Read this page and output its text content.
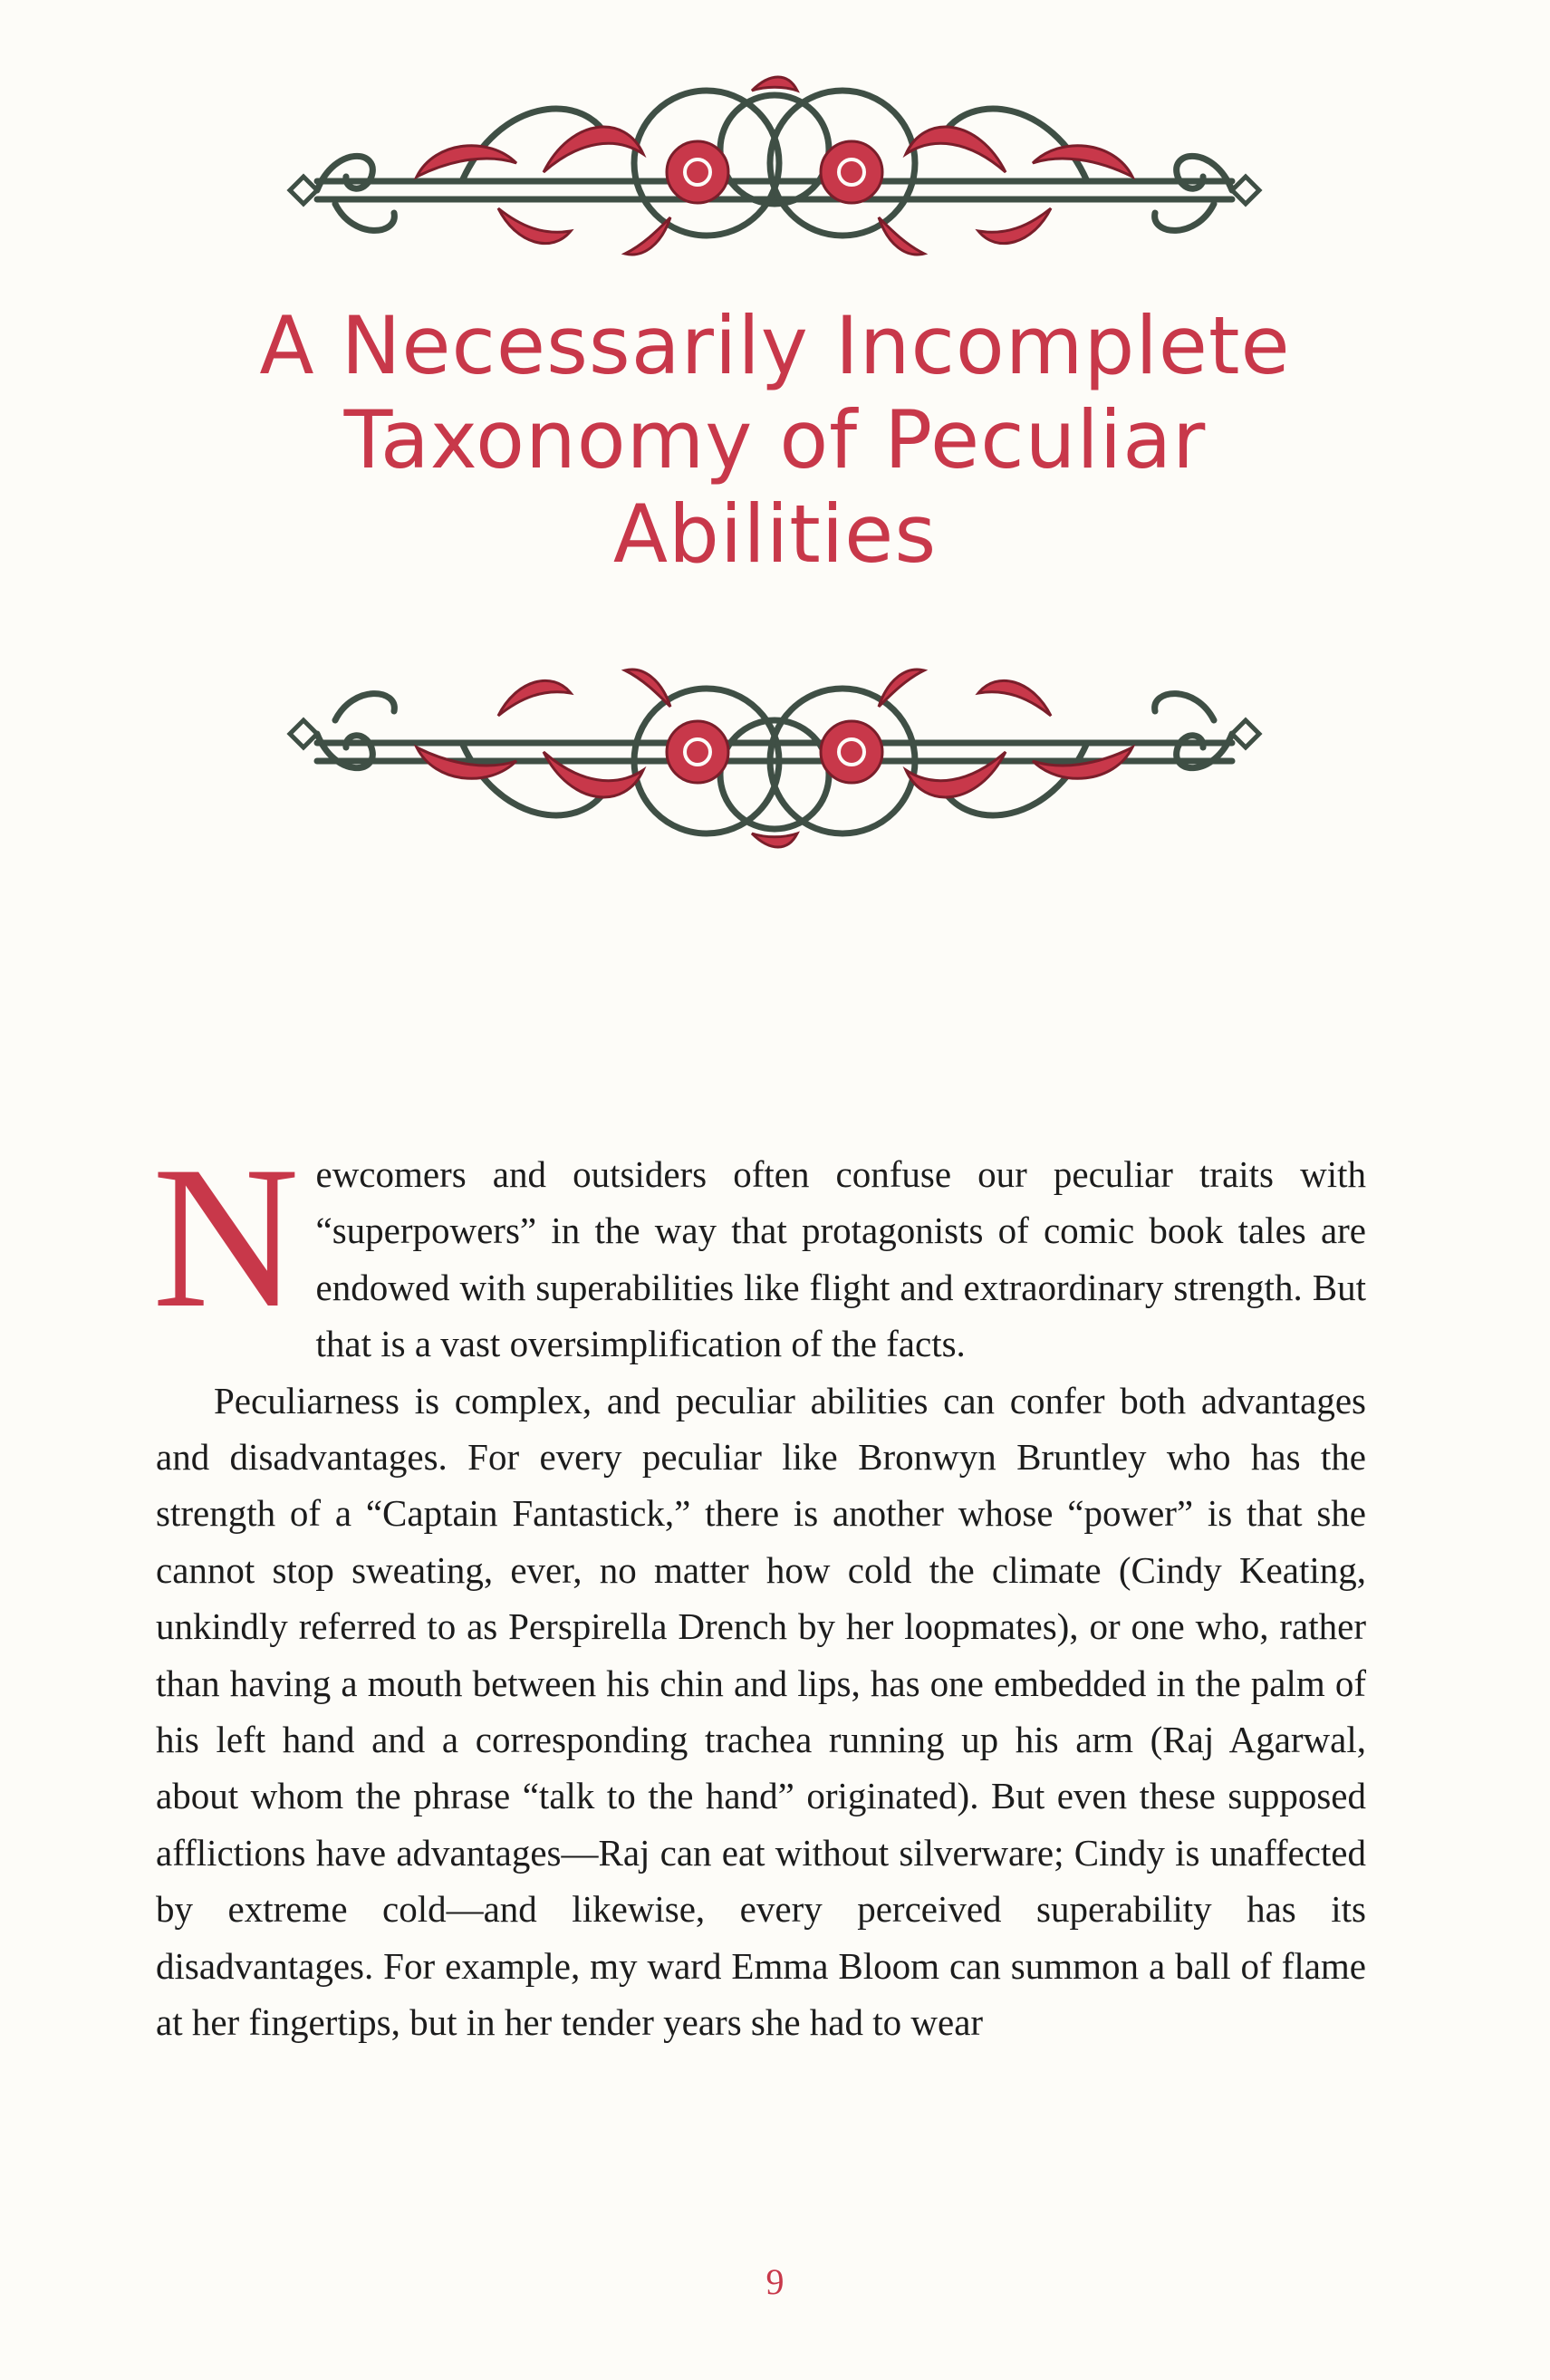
A Necessarily Incomplete
Taxonomy of Peculiar
Abilities

Newcomers and outsiders often confuse our peculiar traits with “superpowers” in the way that protagonists of comic book tales are endowed with superabilities like flight and extraordinary strength. But that is a vast oversimplification of the facts.

Peculiarness is complex, and peculiar abilities can confer both advantages and disadvantages. For every peculiar like Bronwyn Bruntley who has the strength of a “Captain Fantastick,” there is another whose “power” is that she cannot stop sweating, ever, no matter how cold the climate (Cindy Keating, unkindly referred to as Perspirella Drench by her loopmates), or one who, rather than having a mouth between his chin and lips, has one embedded in the palm of his left hand and a corresponding trachea running up his arm (Raj Agarwal, about whom the phrase “talk to the hand” originated). But even these supposed afflictions have advantages—Raj can eat without silverware; Cindy is unaffected by extreme cold—and likewise, every perceived superability has its disadvantages. For example, my ward Emma Bloom can summon a ball of flame at her fingertips, but in her tender years she had to wear

9
